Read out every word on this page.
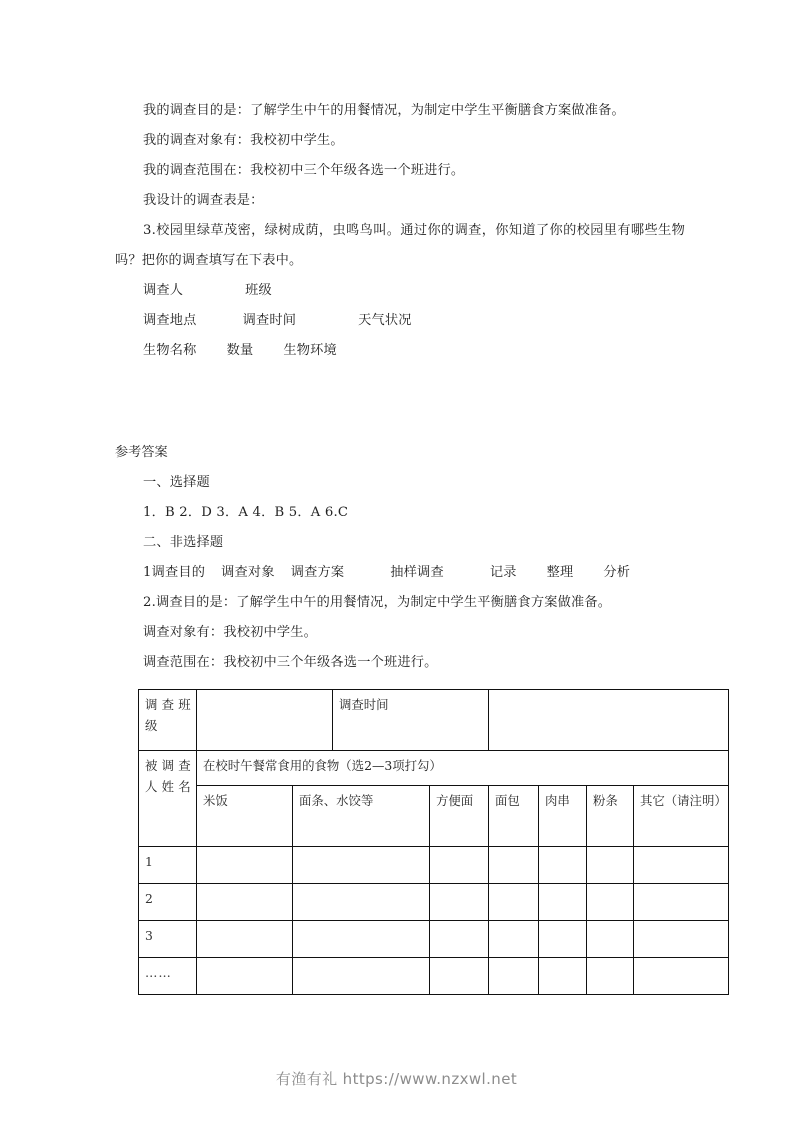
我的调查目的是：了解学生中午的用餐情况，为制定中学生平衡膳食方案做准备。

我的调查对象有：我校初中学生。

我的调查范围在：我校初中三个年级各选一个班进行。

我设计的调查表是：

3.校园里绿草茂密，绿树成荫，虫鸣鸟叫。通过你的调查，你知道了你的校园里有哪些生物吗？把你的调查填写在下表中。

调查人	班级

调查地点	调查时间	天气状况

生物名称 数量 生物环境

参考答案

一、选择题

1．B 2．D 3．A 4．B 5．A 6.C

二、非选择题

1调查目的 调查对象 调查方案	抽样调查	记录 整理 分析

2.调查目的是：了解学生中午的用餐情况，为制定中学生平衡膳食方案做准备。

调查对象有：我校初中学生。

调查范围在：我校初中三个年级各选一个班进行。

调查班级			调查时间					

被调查人姓名	在校时午餐常食用的食物（选2—3项打勾）							
	米饭	面条、水饺等		方便面	面包	肉串	粉条	其它（请注明）
1								
2								
3								
……								
有渔有礼 https://www.nzxwl.net
